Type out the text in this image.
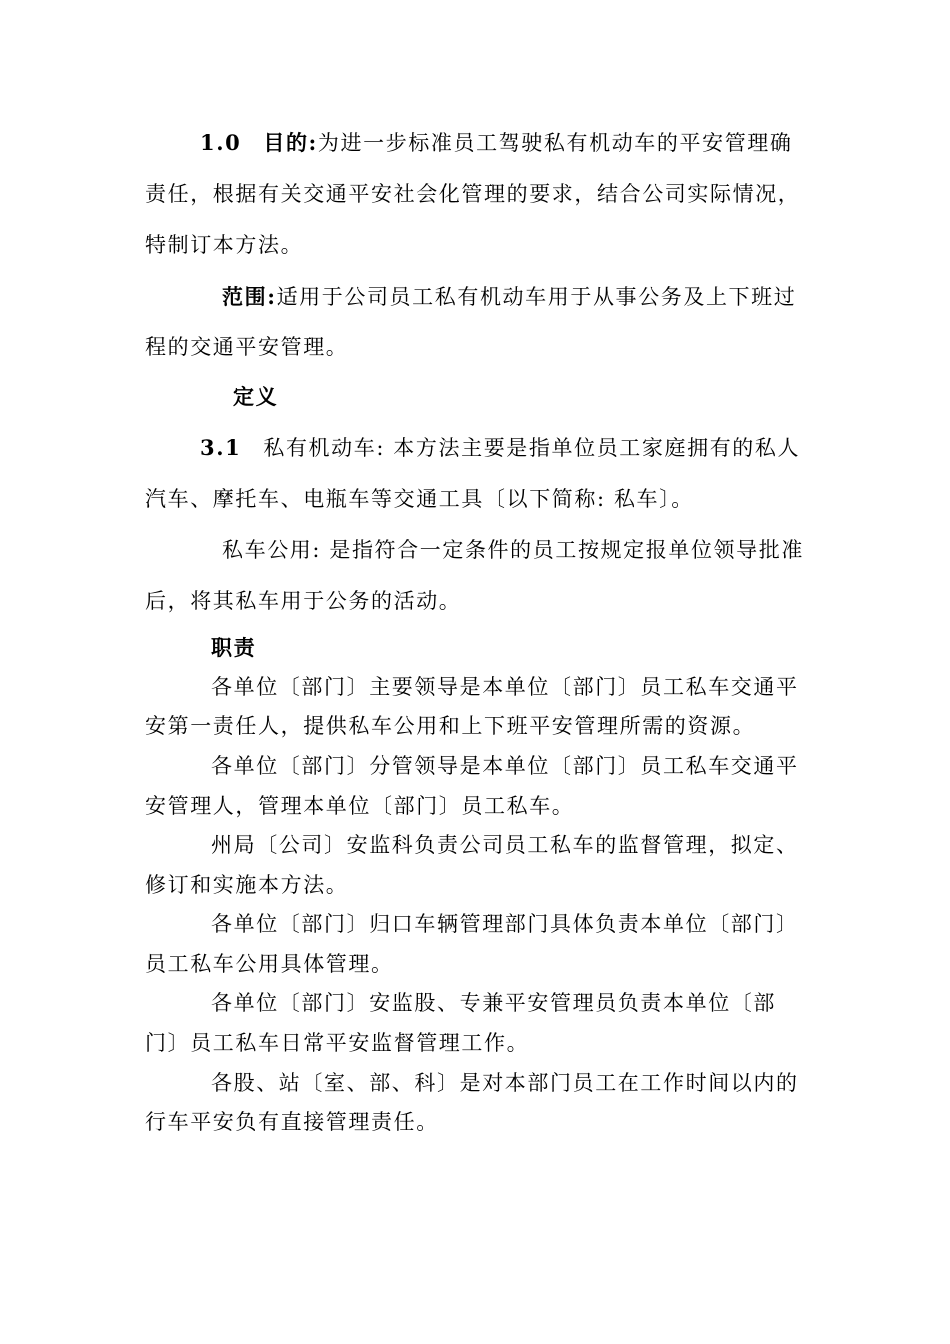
1.0 目的:为进一步标准员工驾驶私有机动车的平安管理确
责任，根据有关交通平安社会化管理的要求，结合公司实际情况，
特制订本方法。
范围:适用于公司员工私有机动车用于从事公务及上下班过
程的交通平安管理。
定义
3.1 私有机动车: 本方法主要是指单位员工家庭拥有的私人
汽车、摩托车、电瓶车等交通工具〔以下简称: 私车〕。
私车公用: 是指符合一定条件的员工按规定报单位领导批准
后，将其私车用于公务的活动。
职责
各单位〔部门〕主要领导是本单位〔部门〕员工私车交通平
安第一责任人，提供私车公用和上下班平安管理所需的资源。
各单位〔部门〕分管领导是本单位〔部门〕员工私车交通平
安管理人，管理本单位〔部门〕员工私车。
州局〔公司〕安监科负责公司员工私车的监督管理，拟定、
修订和实施本方法。
各单位〔部门〕归口车辆管理部门具体负责本单位〔部门〕
员工私车公用具体管理。
各单位〔部门〕安监股、专兼平安管理员负责本单位〔部
门〕员工私车日常平安监督管理工作。
各股、站〔室、部、科〕是对本部门员工在工作时间以内的
行车平安负有直接管理责任。
